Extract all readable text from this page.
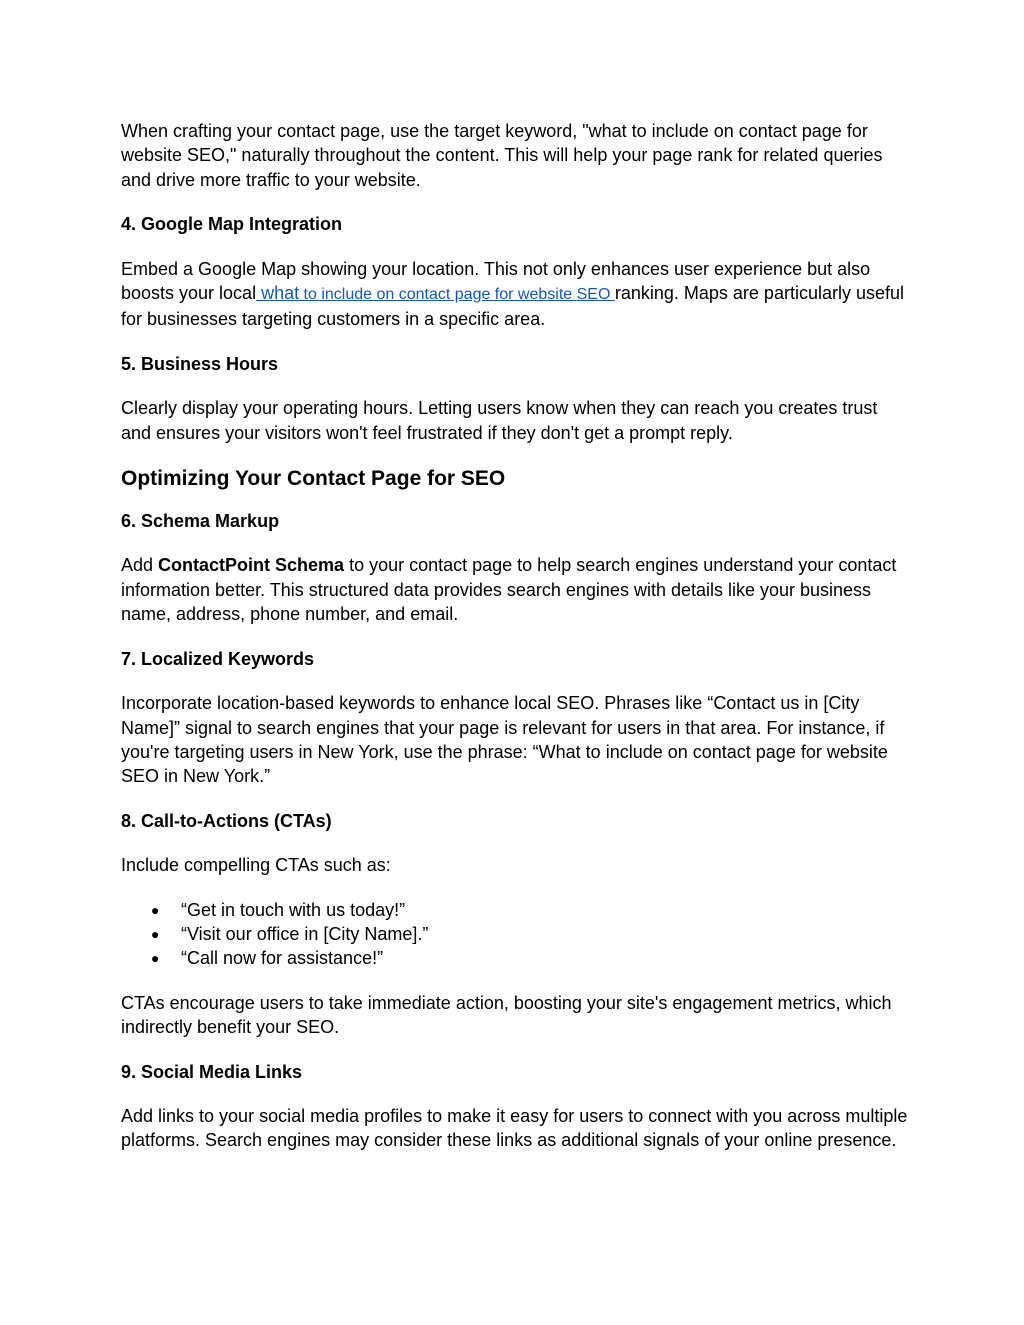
When crafting your contact page, use the target keyword, "what to include on contact page for website SEO," naturally throughout the content. This will help your page rank for related queries and drive more traffic to your website.

4. Google Map Integration

Embed a Google Map showing your location. This not only enhances user experience but also boosts your local what to include on contact page for website SEO ranking. Maps are particularly useful for businesses targeting customers in a specific area.

5. Business Hours

Clearly display your operating hours. Letting users know when they can reach you creates trust and ensures your visitors won't feel frustrated if they don't get a prompt reply.

Optimizing Your Contact Page for SEO
6. Schema Markup

Add ContactPoint Schema to your contact page to help search engines understand your contact information better. This structured data provides search engines with details like your business name, address, phone number, and email.

7. Localized Keywords

Incorporate location-based keywords to enhance local SEO. Phrases like “Contact us in [City Name]” signal to search engines that your page is relevant for users in that area. For instance, if you're targeting users in New York, use the phrase: “What to include on contact page for website SEO in New York.”

8. Call-to-Actions (CTAs)

Include compelling CTAs such as:

●	“Get in touch with us today!”
●	“Visit our office in [City Name].”
●	“Call now for assistance!”

CTAs encourage users to take immediate action, boosting your site's engagement metrics, which indirectly benefit your SEO.

9. Social Media Links

Add links to your social media profiles to make it easy for users to connect with you across multiple platforms. Search engines may consider these links as additional signals of your online presence.
